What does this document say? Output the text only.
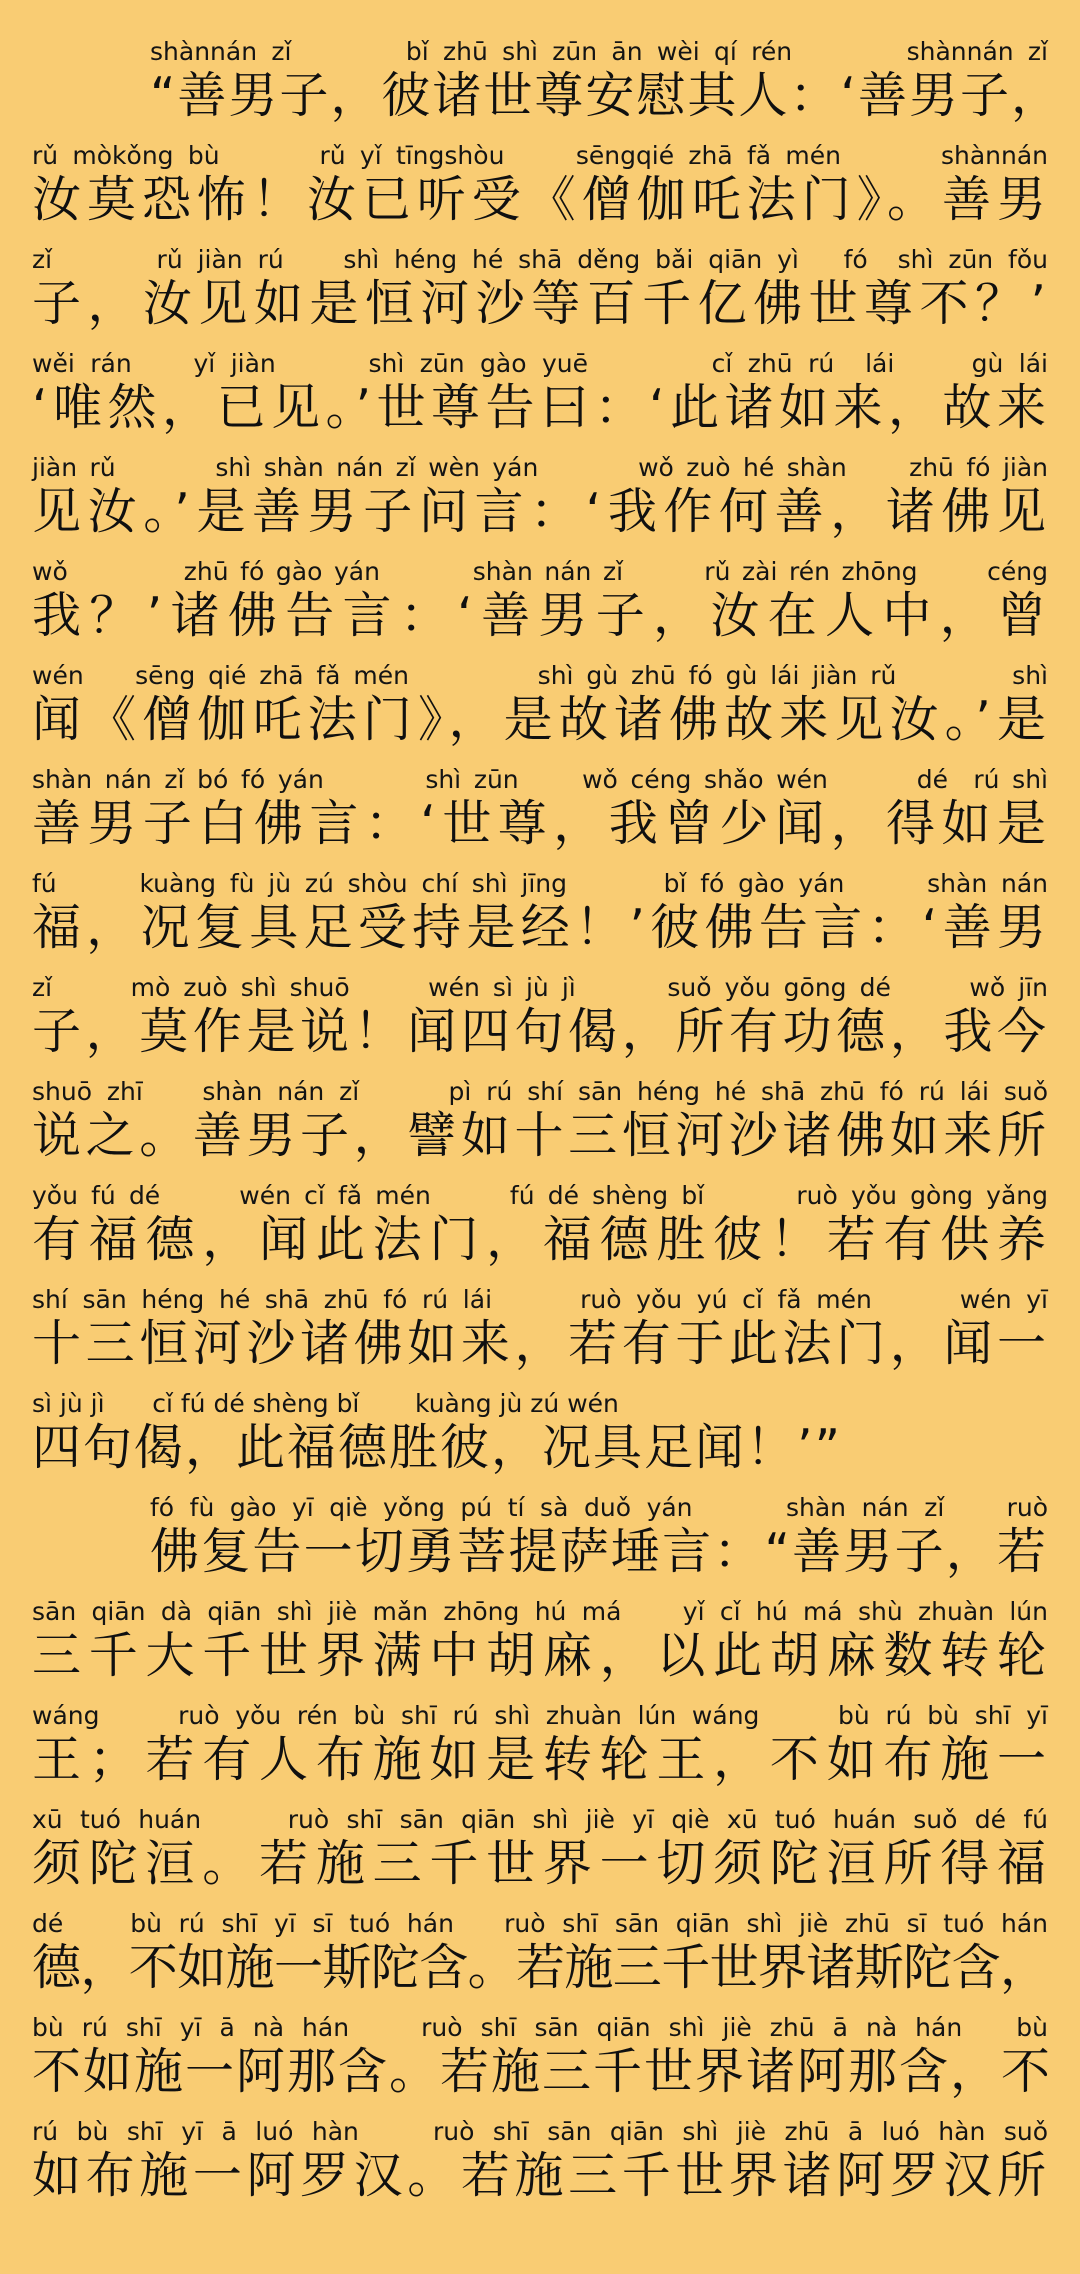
shànnán zǐ        bǐ zhū shì zūn ān wèi qí rén        shànnán zǐ
“善男子，彼诸世尊安慰其人：‘善男子，
rǔ mòkǒng bù       rǔ yǐ tīngshòu     sēngqié zhā fǎ mén       shànnán
汝莫恐怖！汝已听受《僧伽吒法门》。善男
zǐ       rǔ jiàn rú    shì héng hé shā děng bǎi qiān yì   fó  shì zūn fǒu
子，汝见如是恒河沙等百千亿佛世尊不？’
wěi rán    yǐ jiàn      shì zūn gào yuē        cǐ zhū rú  lái     gù lái
‘唯然，已见。’世尊告曰：‘此诸如来，故来
jiàn rǔ        shì shàn nán zǐ wèn yán        wǒ zuò hé shàn     zhū fó jiàn
见汝。’是善男子问言：‘我作何善，诸佛见
wǒ          zhū fó gào yán        shàn nán zǐ       rǔ zài rén zhōng      céng
我？’诸佛告言：‘善男子，汝在人中，曾
wén    sēng qié zhā fǎ mén          shì gù zhū fó gù lái jiàn rǔ         shì
闻《僧伽吒法门》，是故诸佛故来见汝。’是
shàn nán zǐ bó fó yán        shì zūn     wǒ céng shǎo wén       dé  rú shì
善男子白佛言：‘世尊，我曾少闻，得如是
fú      kuàng fù jù zú shòu chí shì jīng       bǐ fó gào yán      shàn nán
福，况复具足受持是经！’彼佛告言：‘善男
zǐ      mò zuò shì shuō      wén sì jù jì       suǒ yǒu gōng dé      wǒ jīn
子，莫作是说！闻四句偈，所有功德，我今
shuō zhī    shàn nán zǐ      pì rú shí sān héng hé shā zhū fó rú lái suǒ
说之。善男子，譬如十三恒河沙诸佛如来所
yǒu fú dé      wén cǐ fǎ mén      fú dé shèng bǐ       ruò yǒu gòng yǎng
有福德，闻此法门，福德胜彼！若有供养
shí sān héng hé shā zhū fó rú lái      ruò yǒu yú cǐ fǎ mén      wén yī
十三恒河沙诸佛如来，若有于此法门，闻一
sì jù jì      cǐ fú dé shèng bǐ       kuàng jù zú wén
四句偈，此福德胜彼，况具足闻！’”
fó fù gào yī qiè yǒng pú tí sà duǒ yán      shàn nán zǐ    ruò
佛复告一切勇菩提萨埵言：“善男子，若
sān qiān dà qiān shì jiè mǎn zhōng hú má    yǐ cǐ hú má shù zhuàn lún
三千大千世界满中胡麻，以此胡麻数转轮
wáng     ruò yǒu rén bù shī rú shì zhuàn lún wáng     bù rú bù shī yī
王；若有人布施如是转轮王，不如布施一
xū tuó huán     ruò shī sān qiān shì jiè yī qiè xū tuó huán suǒ dé fú
须陀洹。若施三千世界一切须陀洹所得福
dé    bù rú shī yī sī tuó hán   ruò shī sān qiān shì jiè zhū sī tuó hán
德，不如施一斯陀含。若施三千世界诸斯陀含，
bù rú shī yī ā nà hán    ruò shī sān qiān shì jiè zhū ā nà hán   bù
不如施一阿那含。若施三千世界诸阿那含，不
rú bù shī yī ā luó hàn    ruò shī sān qiān shì jiè zhū ā luó hàn suǒ
如布施一阿罗汉。若施三千世界诸阿罗汉所
